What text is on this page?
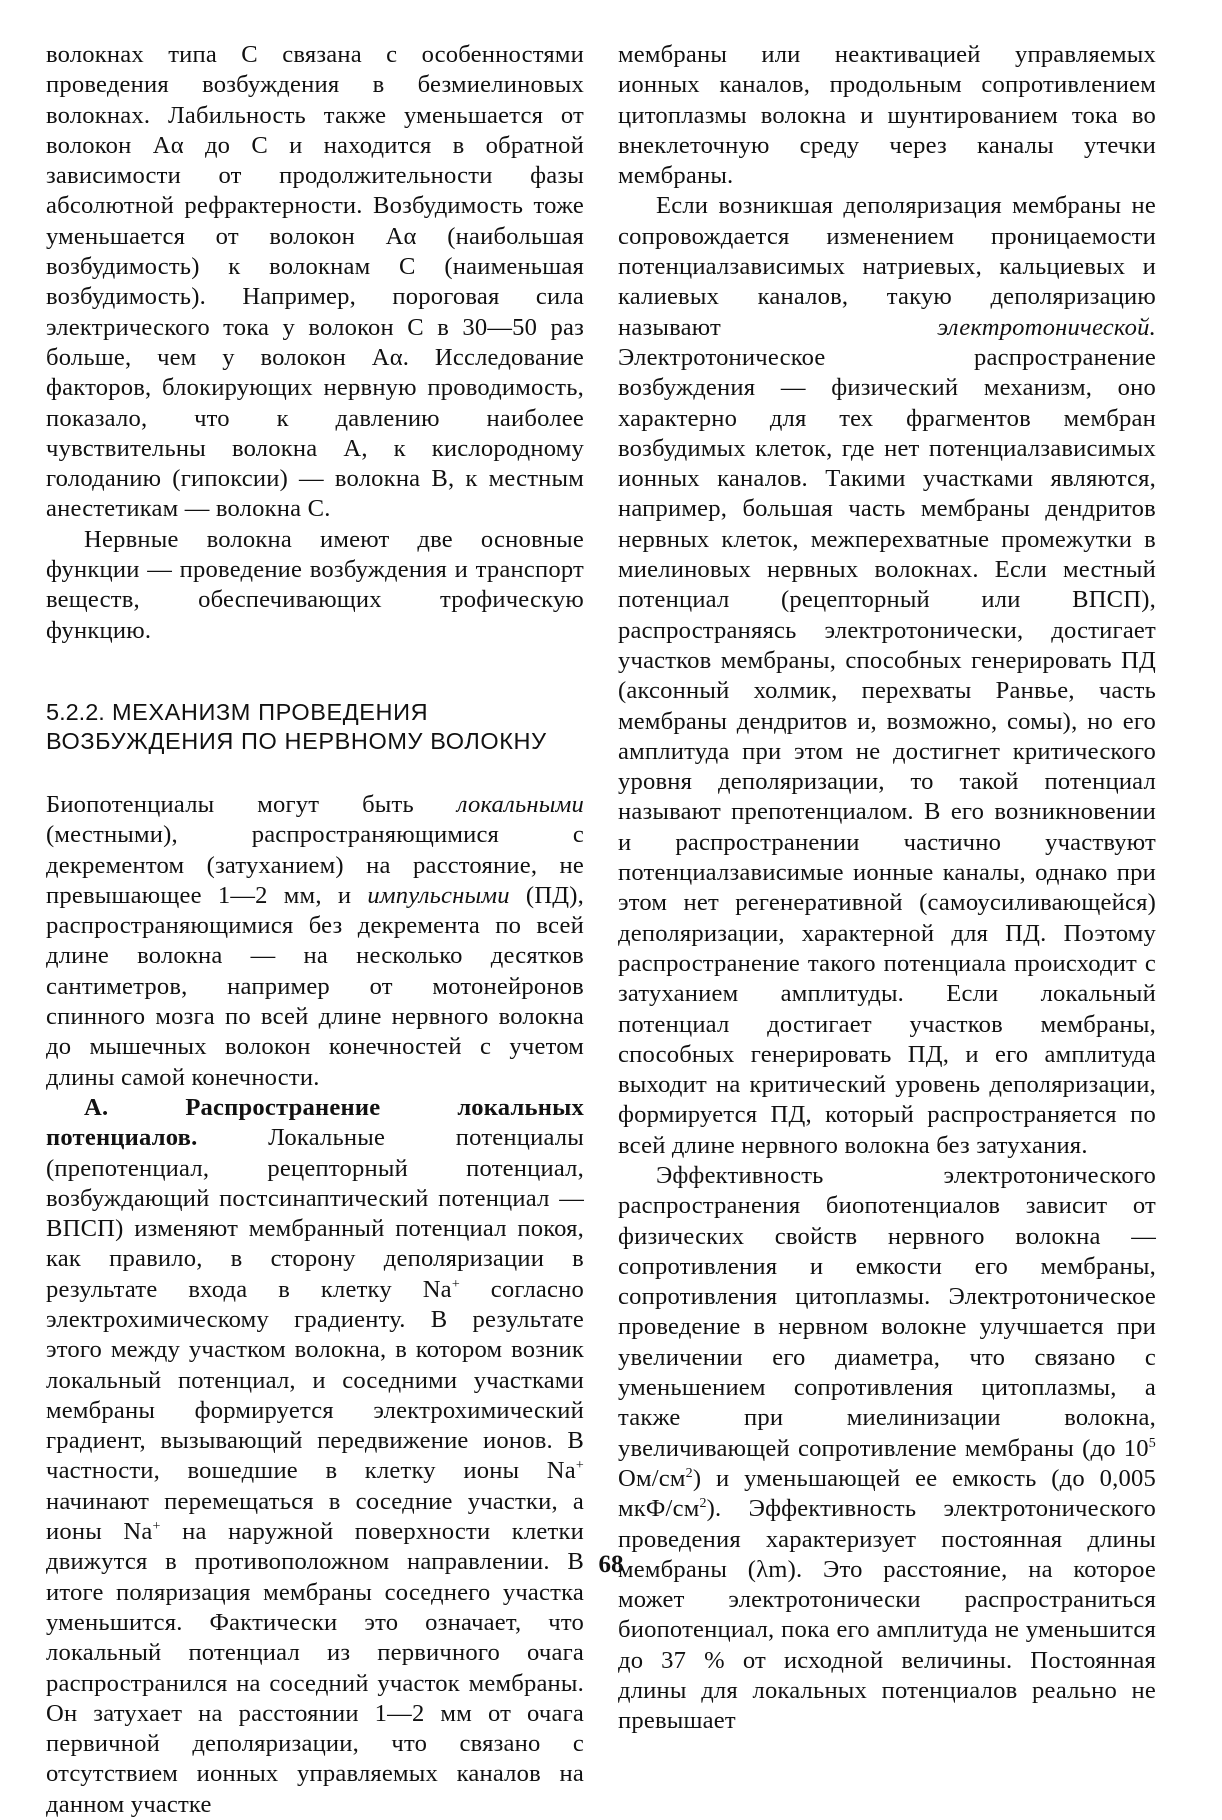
волокнах типа С связана с особенностями проведения возбуждения в безмиелиновых волокнах. Лабильность также уменьшается от волокон Aα до С и находится в обратной зависимости от продолжительности фазы абсолютной рефрактерности. Возбудимость тоже уменьшается от волокон Aα (наибольшая возбудимость) к волокнам С (наименьшая возбудимость). Например, пороговая сила электрического тока у волокон С в 30—50 раз больше, чем у волокон Aα. Исследование факторов, блокирующих нервную проводимость, показало, что к давлению наиболее чувствительны волокна А, к кислородному голоданию (гипоксии) — волокна В, к местным анестетикам — волокна С.

Нервные волокна имеют две основные функции — проведение возбуждения и транспорт веществ, обеспечивающих трофическую функцию.

5.2.2. МЕХАНИЗМ ПРОВЕДЕНИЯ
ВОЗБУЖДЕНИЯ ПО НЕРВНОМУ ВОЛОКНУ

Биопотенциалы могут быть локальными (местными), распространяющимися с декрементом (затуханием) на расстояние, не превышающее 1—2 мм, и импульсными (ПД), распространяющимися без декремента по всей длине волокна — на несколько десятков сантиметров, например от мотонейронов спинного мозга по всей длине нервного волокна до мышечных волокон конечностей с учетом длины самой конечности.

А. Распространение локальных потенциалов. Локальные потенциалы (препотенциал, рецепторный потенциал, возбуждающий постсинаптический потенциал — ВПСП) изменяют мембранный потенциал покоя, как правило, в сторону деполяризации в результате входа в клетку Na+ согласно электрохимическому градиенту. В результате этого между участком волокна, в котором возник локальный потенциал, и соседними участками мембраны формируется электрохимический градиент, вызывающий передвижение ионов. В частности, вошедшие в клетку ионы Na+ начинают перемещаться в соседние участки, а ионы Na+ на наружной поверхности клетки движутся в противоположном направлении. В итоге поляризация мембраны соседнего участка уменьшится. Фактически это означает, что локальный потенциал из первичного очага распространился на соседний участок мембраны. Он затухает на расстоянии 1—2 мм от очага первичной деполяризации, что связано с отсутствием ионных управляемых каналов на данном участке

мембраны или неактивацией управляемых ионных каналов, продольным сопротивлением цитоплазмы волокна и шунтированием тока во внеклеточную среду через каналы утечки мембраны.

Если возникшая деполяризация мембраны не сопровождается изменением проницаемости потенциалзависимых натриевых, кальциевых и калиевых каналов, такую деполяризацию называют электротонической. Электротоническое распространение возбуждения — физический механизм, оно характерно для тех фрагментов мембран возбудимых клеток, где нет потенциалзависимых ионных каналов. Такими участками являются, например, большая часть мембраны дендритов нервных клеток, межперехватные промежутки в миелиновых нервных волокнах. Если местный потенциал (рецепторный или ВПСП), распространяясь электротонически, достигает участков мембраны, способных генерировать ПД (аксонный холмик, перехваты Ранвье, часть мембраны дендритов и, возможно, сомы), но его амплитуда при этом не достигнет критического уровня деполяризации, то такой потенциал называют препотенциалом. В его возникновении и распространении частично участвуют потенциалзависимые ионные каналы, однако при этом нет регенеративной (самоусиливающейся) деполяризации, характерной для ПД. Поэтому распространение такого потенциала происходит с затуханием амплитуды. Если локальный потенциал достигает участков мембраны, способных генерировать ПД, и его амплитуда выходит на критический уровень деполяризации, формируется ПД, который распространяется по всей длине нервного волокна без затухания.

Эффективность электротонического распространения биопотенциалов зависит от физических свойств нервного волокна — сопротивления и емкости его мембраны, сопротивления цитоплазмы. Электротоническое проведение в нервном волокне улучшается при увеличении его диаметра, что связано с уменьшением сопротивления цитоплазмы, а также при миелинизации волокна, увеличивающей сопротивление мембраны (до $10^5$ $Ом/см^2$) и уменьшающей ее емкость (до 0,005 мкФ/$см^2$). Эффективность электротонического проведения характеризует постоянная длины мембраны (λm). Это расстояние, на которое может электротонически распространиться биопотенциал, пока его амплитуда не уменьшится до 37 % от исходной величины. Постоянная длины для локальных потенциалов реально не превышает

68
